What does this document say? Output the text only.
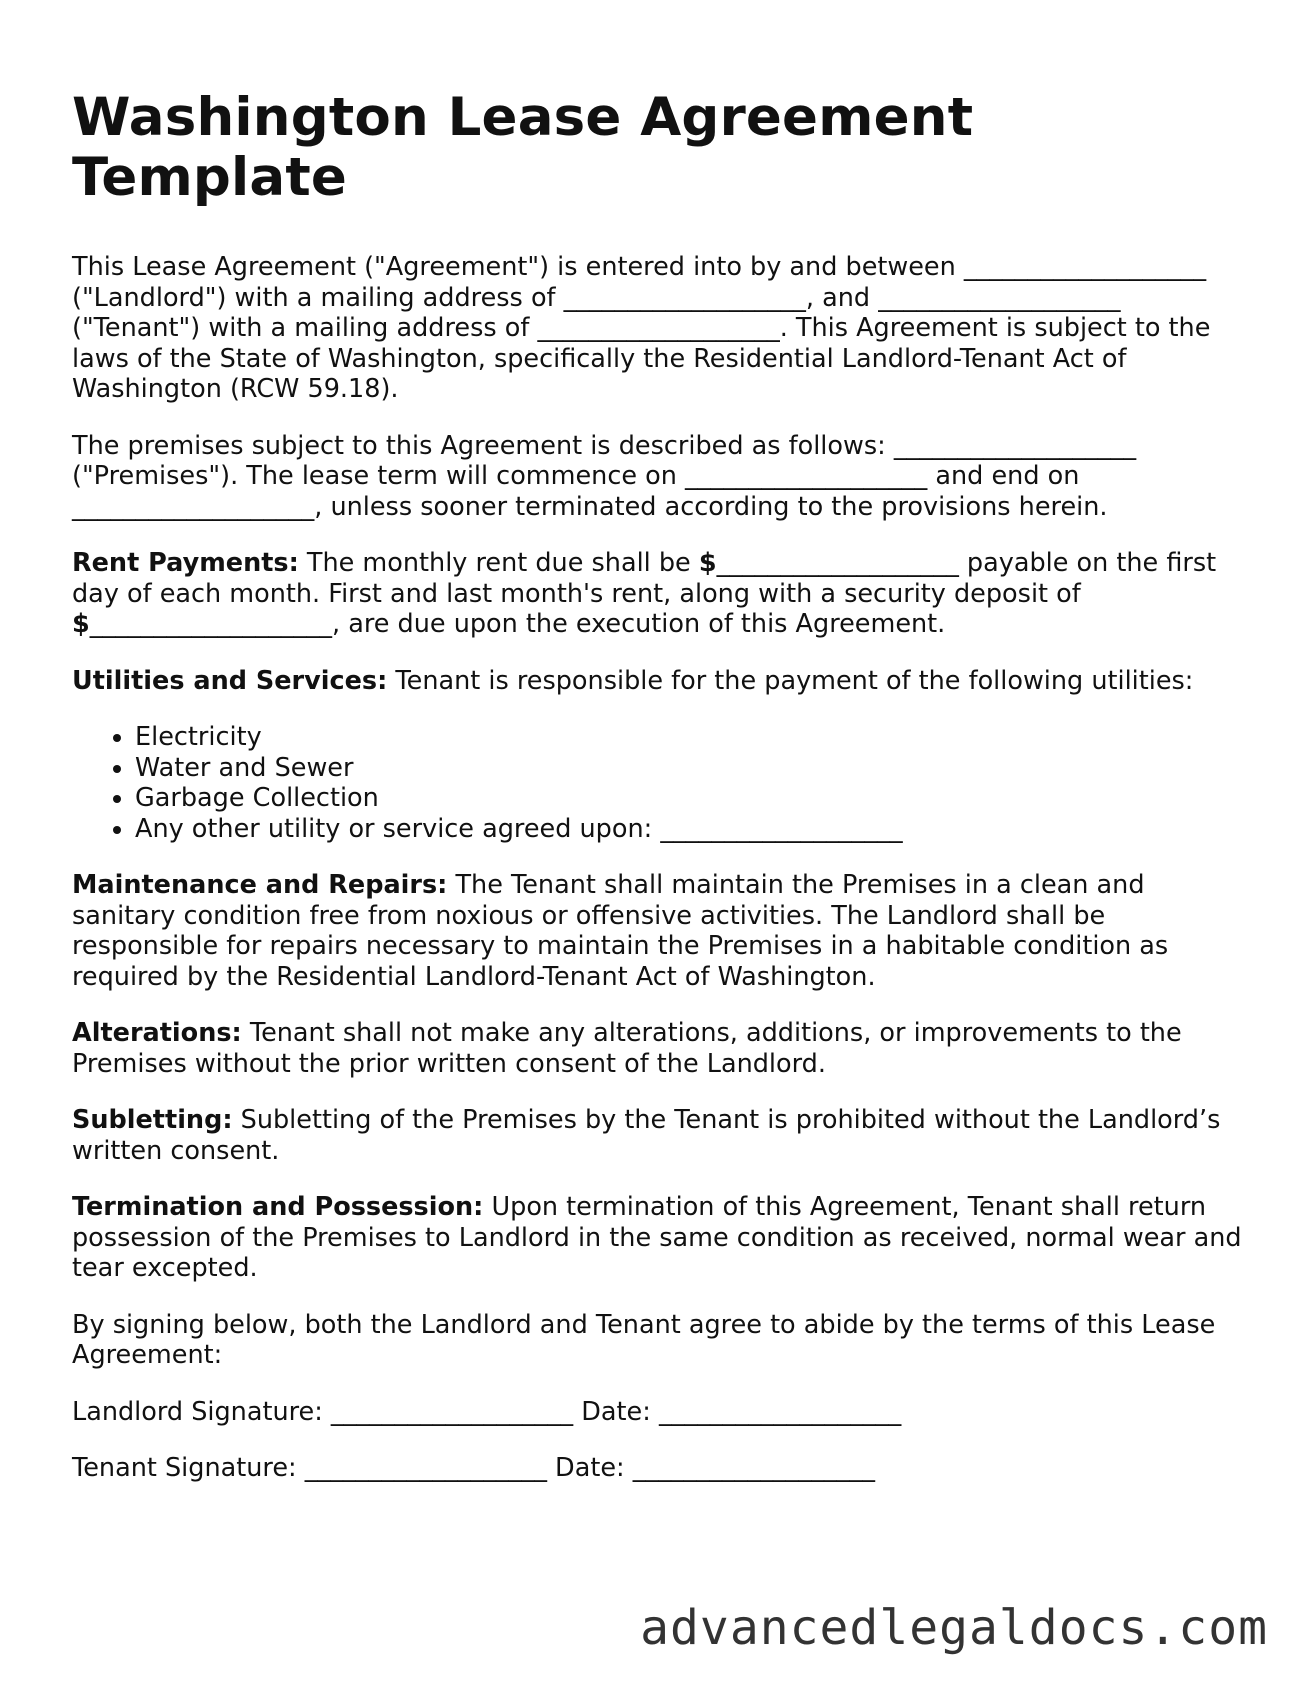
Washington Lease Agreement Template

This Lease Agreement ("Agreement") is entered into by and between ___________________ ("Landlord") with a mailing address of ___________________, and ___________________ ("Tenant") with a mailing address of ___________________. This Agreement is subject to the laws of the State of Washington, specifically the Residential Landlord-Tenant Act of Washington (RCW 59.18).

The premises subject to this Agreement is described as follows: ___________________ ("Premises"). The lease term will commence on ___________________ and end on ___________________, unless sooner terminated according to the provisions herein.

Rent Payments: The monthly rent due shall be $___________________ payable on the first day of each month. First and last month's rent, along with a security deposit of $___________________, are due upon the execution of this Agreement.

Utilities and Services: Tenant is responsible for the payment of the following utilities:

• Electricity
• Water and Sewer
• Garbage Collection
• Any other utility or service agreed upon: ___________________

Maintenance and Repairs: The Tenant shall maintain the Premises in a clean and sanitary condition free from noxious or offensive activities. The Landlord shall be responsible for repairs necessary to maintain the Premises in a habitable condition as required by the Residential Landlord-Tenant Act of Washington.

Alterations: Tenant shall not make any alterations, additions, or improvements to the Premises without the prior written consent of the Landlord.

Subletting: Subletting of the Premises by the Tenant is prohibited without the Landlord’s written consent.

Termination and Possession: Upon termination of this Agreement, Tenant shall return possession of the Premises to Landlord in the same condition as received, normal wear and tear excepted.

By signing below, both the Landlord and Tenant agree to abide by the terms of this Lease Agreement:

Landlord Signature: ___________________ Date: ___________________

Tenant Signature: ___________________ Date: ___________________

advancedlegaldocs.com
